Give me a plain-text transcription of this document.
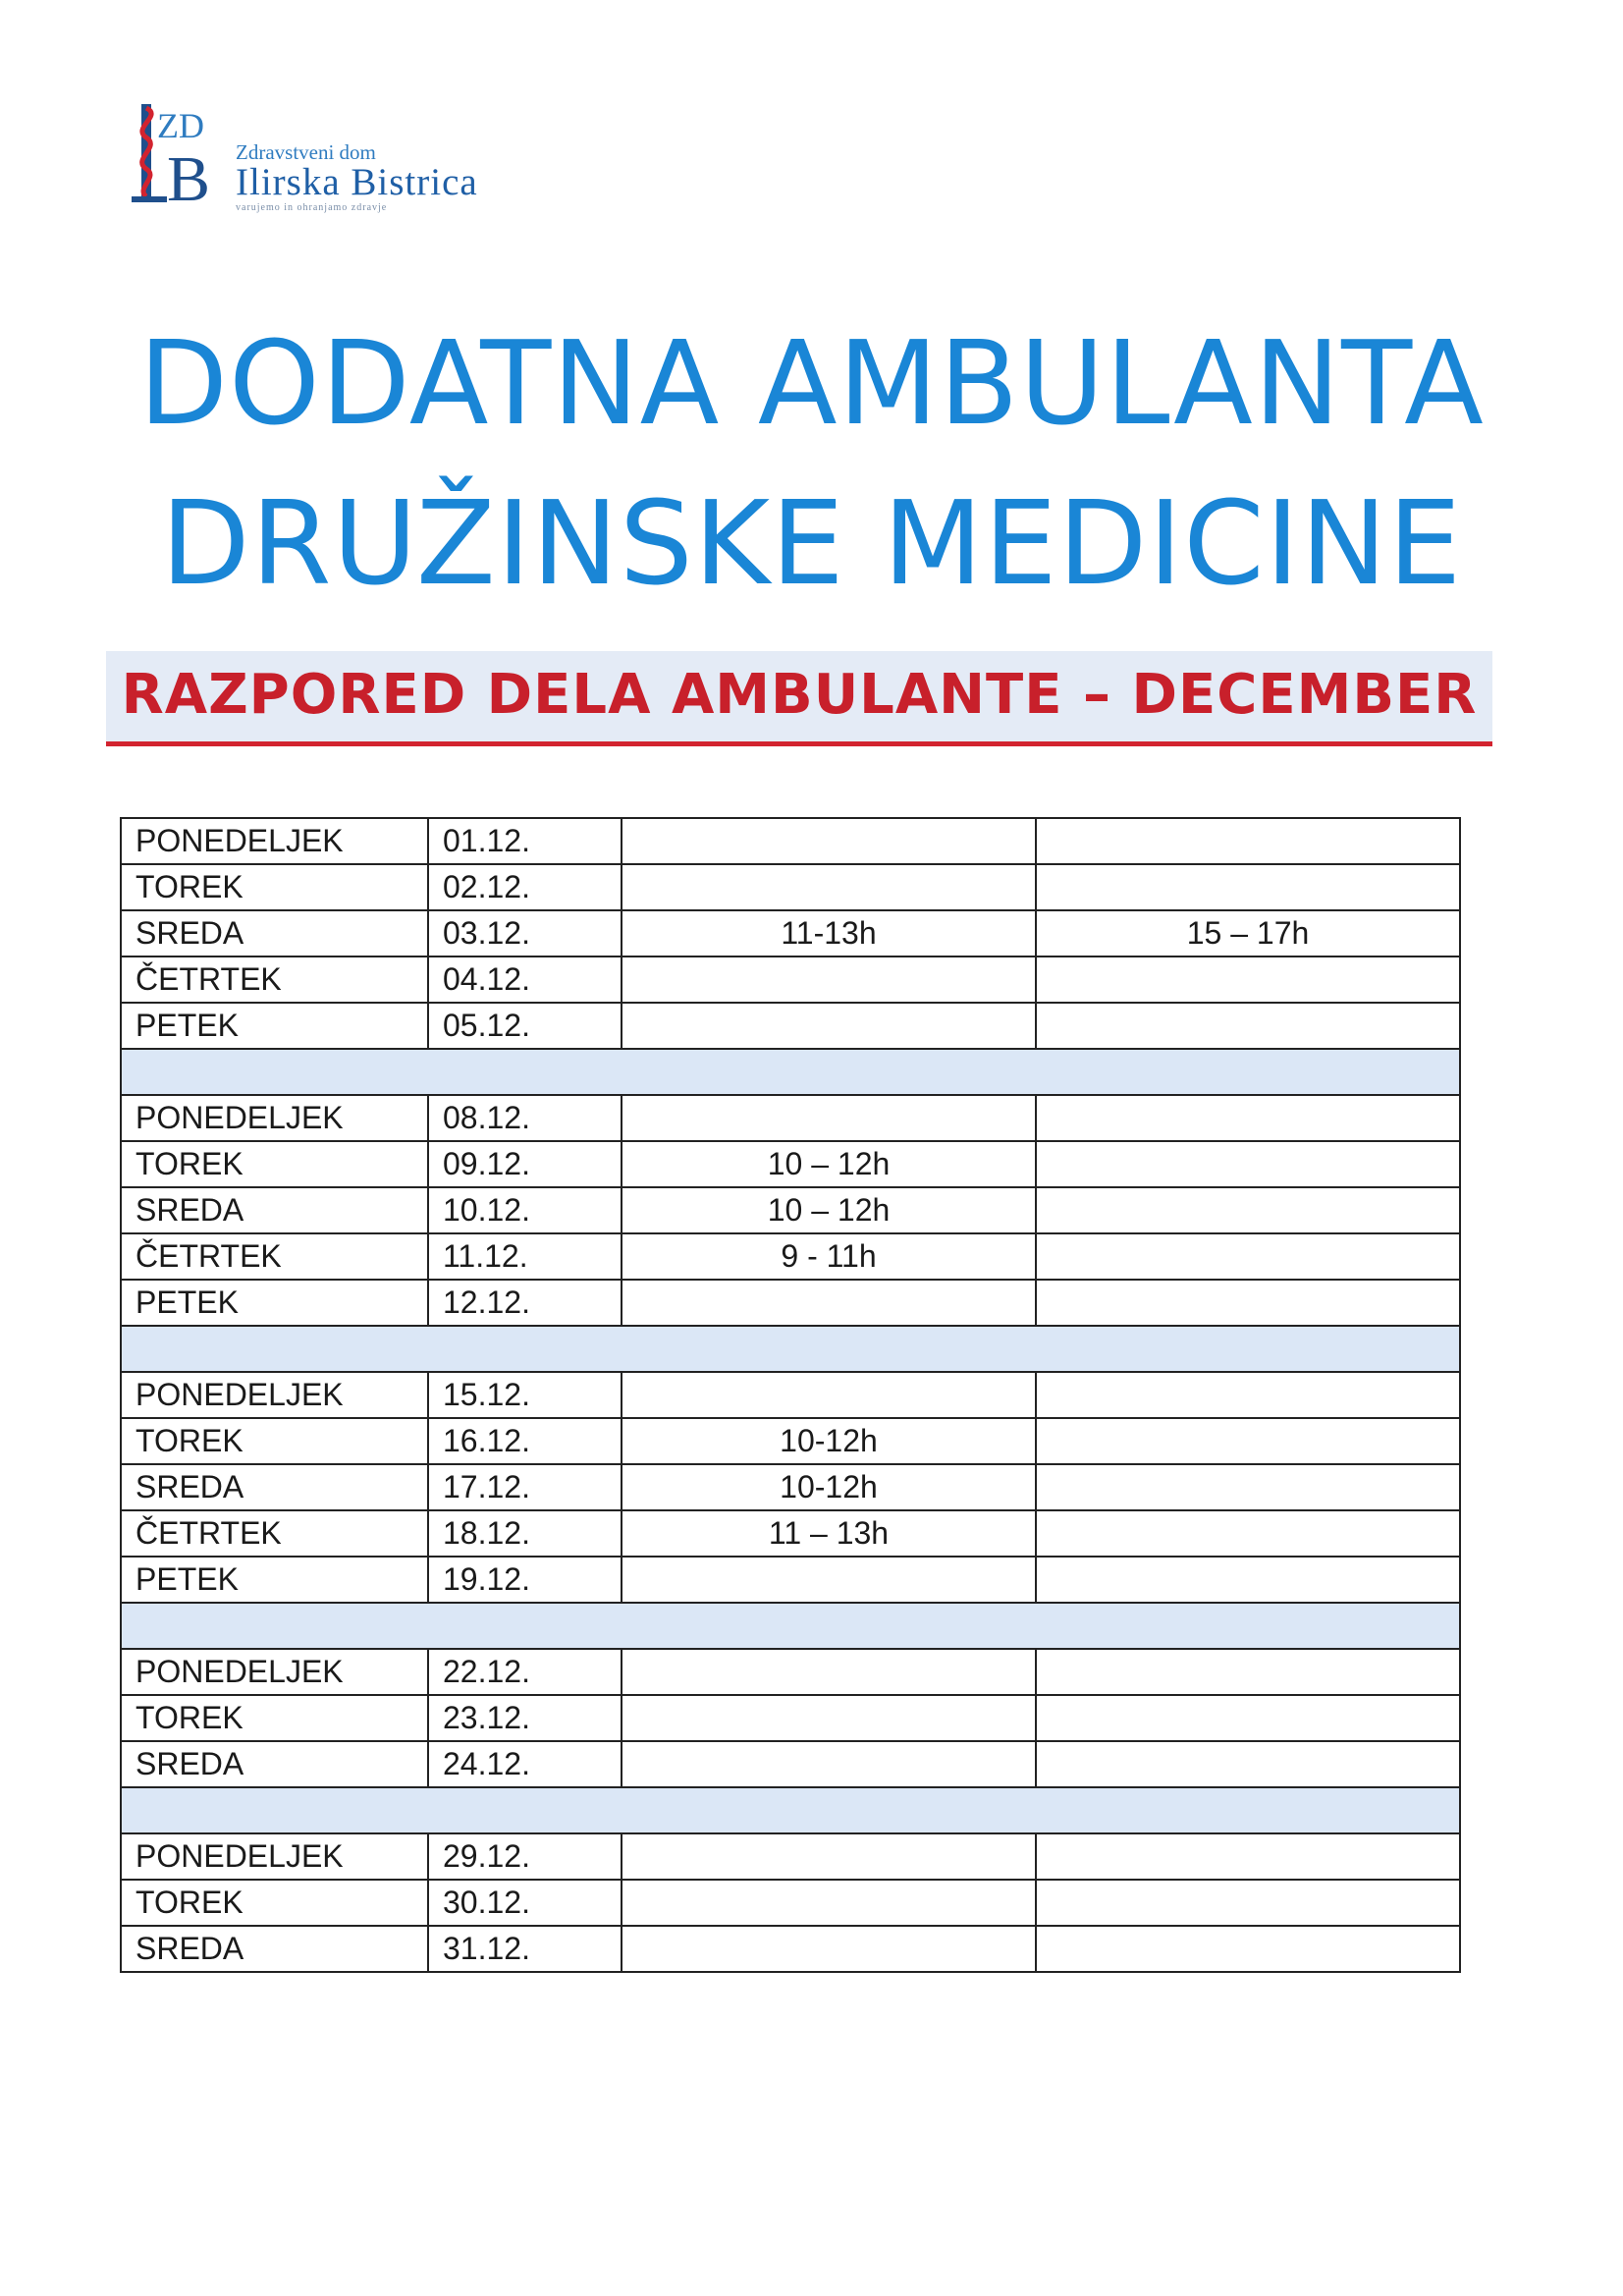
ZD
B Zdravstveni dom
Ilirska Bistrica
varujemo in ohranjamo zdravje
DODATNA AMBULANTA
DRUŽINSKE MEDICINE
RAZPORED DELA AMBULANTE – DECEMBER
PONEDELJEK	01.12.		
TOREK	02.12.		
SREDA	03.12.	11-13h	15 – 17h
ČETRTEK	04.12.		
PETEK	05.12.		

PONEDELJEK	08.12.		
TOREK	09.12.	10 – 12h	
SREDA	10.12.	10 – 12h	
ČETRTEK	11.12.	9 - 11h	
PETEK	12.12.		

PONEDELJEK	15.12.		
TOREK	16.12.	10-12h	
SREDA	17.12.	10-12h	
ČETRTEK	18.12.	11 – 13h	
PETEK	19.12.		

PONEDELJEK	22.12.		
TOREK	23.12.		
SREDA	24.12.		

PONEDELJEK	29.12.		
TOREK	30.12.		
SREDA	31.12.		
